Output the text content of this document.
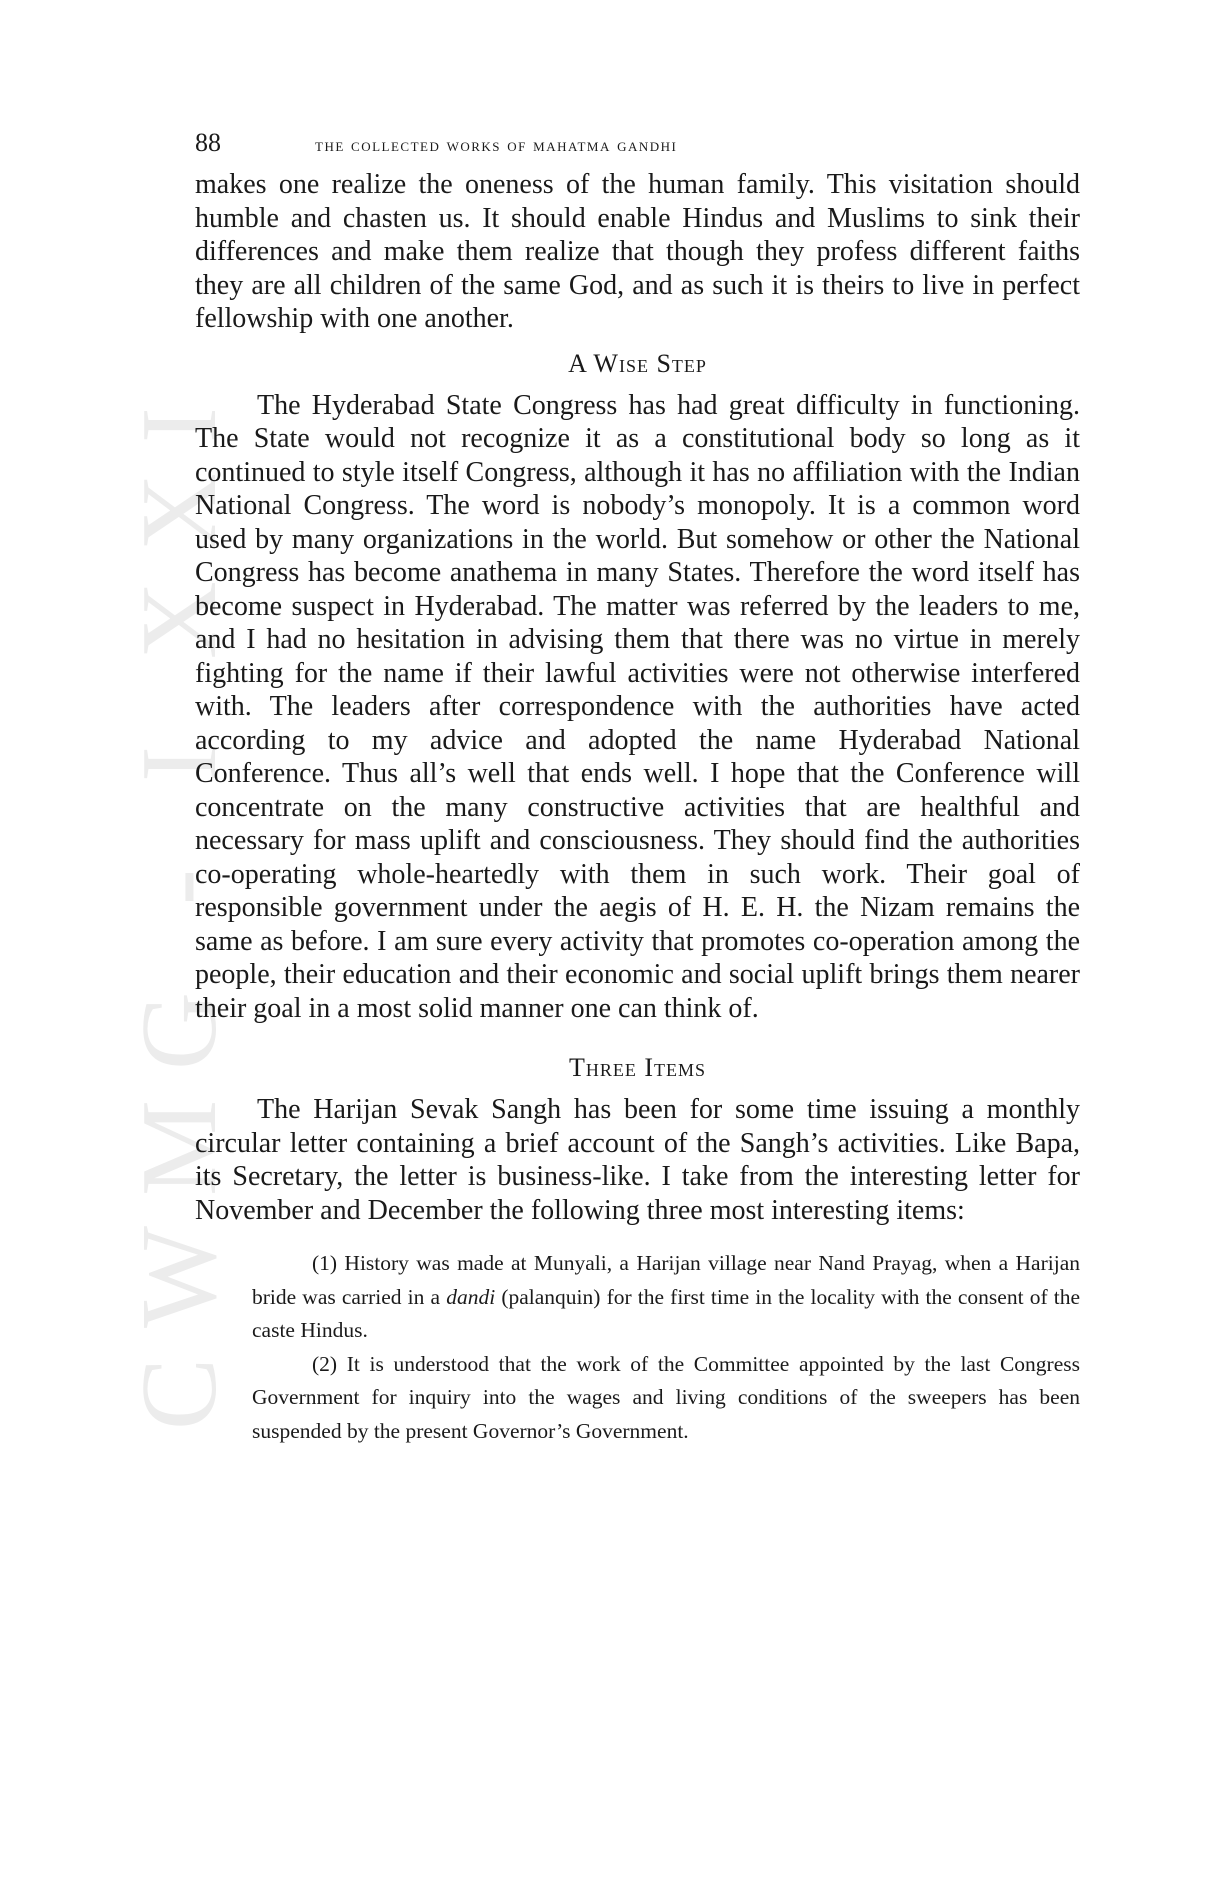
CWMG - I XXI
88	the collected works of mahatma gandhi

makes one realize the oneness of the human family. This visitation should humble and chasten us. It should enable Hindus and Muslims to sink their differences and make them realize that though they profess different faiths they are all children of the same God, and as such it is theirs to live in perfect fellowship with one another.

A Wise Step

The Hyderabad State Congress has had great difficulty in functioning. The State would not recognize it as a constitutional body so long as it continued to style itself Congress, although it has no affiliation with the Indian National Congress. The word is nobody’s monopoly. It is a common word used by many organizations in the world. But somehow or other the National Congress has become anathema in many States. Therefore the word itself has become suspect in Hyderabad. The matter was referred by the leaders to me, and I had no hesitation in advising them that there was no virtue in merely fighting for the name if their lawful activities were not otherwise interfered with. The leaders after correspondence with the authorities have acted according to my advice and adopted the name Hyderabad National Conference. Thus all’s well that ends well. I hope that the Conference will concentrate on the many constructive activities that are healthful and necessary for mass uplift and consciousness. They should find the authorities co-operating whole-heartedly with them in such work. Their goal of responsible government under the aegis of H. E. H. the Nizam remains the same as before. I am sure every activity that promotes co-operation among the people, their education and their economic and social uplift brings them nearer their goal in a most solid manner one can think of.

Three Items

The Harijan Sevak Sangh has been for some time issuing a monthly circular letter containing a brief account of the Sangh’s activities. Like Bapa, its Secretary, the letter is business-like. I take from the interesting letter for November and December the following three most interesting items:

(1) History was made at Munyali, a Harijan village near Nand Prayag, when a Harijan bride was carried in a dandi (palanquin) for the first time in the locality with the consent of the caste Hindus.

(2) It is understood that the work of the Committee appointed by the last Congress Government for inquiry into the wages and living conditions of the sweepers has been suspended by the present Governor’s Government.
